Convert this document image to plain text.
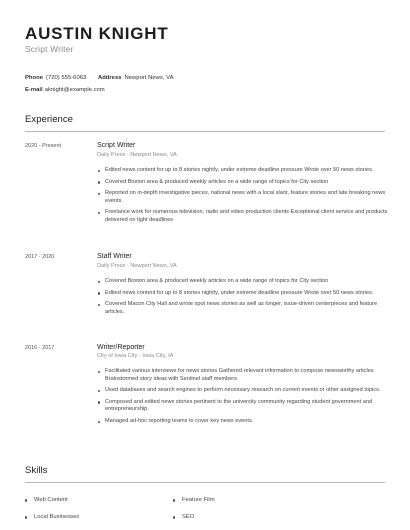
AUSTIN KNIGHT
Script Writer
Phone (720) 555-6063 Address Newport News, VA
E-mail aknight@example.com
Experience
2020 - Present	Script Writer
Daily Press - Newport News, VA
Edited news content for up to 8 stories nightly, under extreme deadline pressure Wrote over 50 news stories.
Covered Boston area & produced weekly articles on a wide range of topics for City section
Reported on in-depth investigative pieces, national news with a local slant, feature stories and late breaking news events.
Freelance work for numerous television, radio and video production clients Exceptional client service and products delivered on tight deadlines
2017 - 2020	Staff Writer
Daily Press - Newport News, VA
Covered Boston area & produced weekly articles on a wide range of topics for City section
Edited news content for up to 8 stories nightly, under extreme deadline pressure Wrote over 50 news stories.
Covered Macon City Hall and wrote spot news stories as well as longer, issue-driven centerpieces and feature articles.
2016 - 2017	Writer/Reporter
City of Iowa City - Iowa City, IA
Facilitated various interviews for news stories Gathered relevant information to compose newsworthy articles Brainstormed story ideas with Sentinel staff members
Used databases and search engines to perform necessary research on current events or other assigned topics.
Composed and edited news stories pertinent to the university community regarding student government and entrepreneurship.
Managed ad-hoc reporting teams to cover key news events.
Skills
Web Content	Feature Film
Local Businesses	SEO
